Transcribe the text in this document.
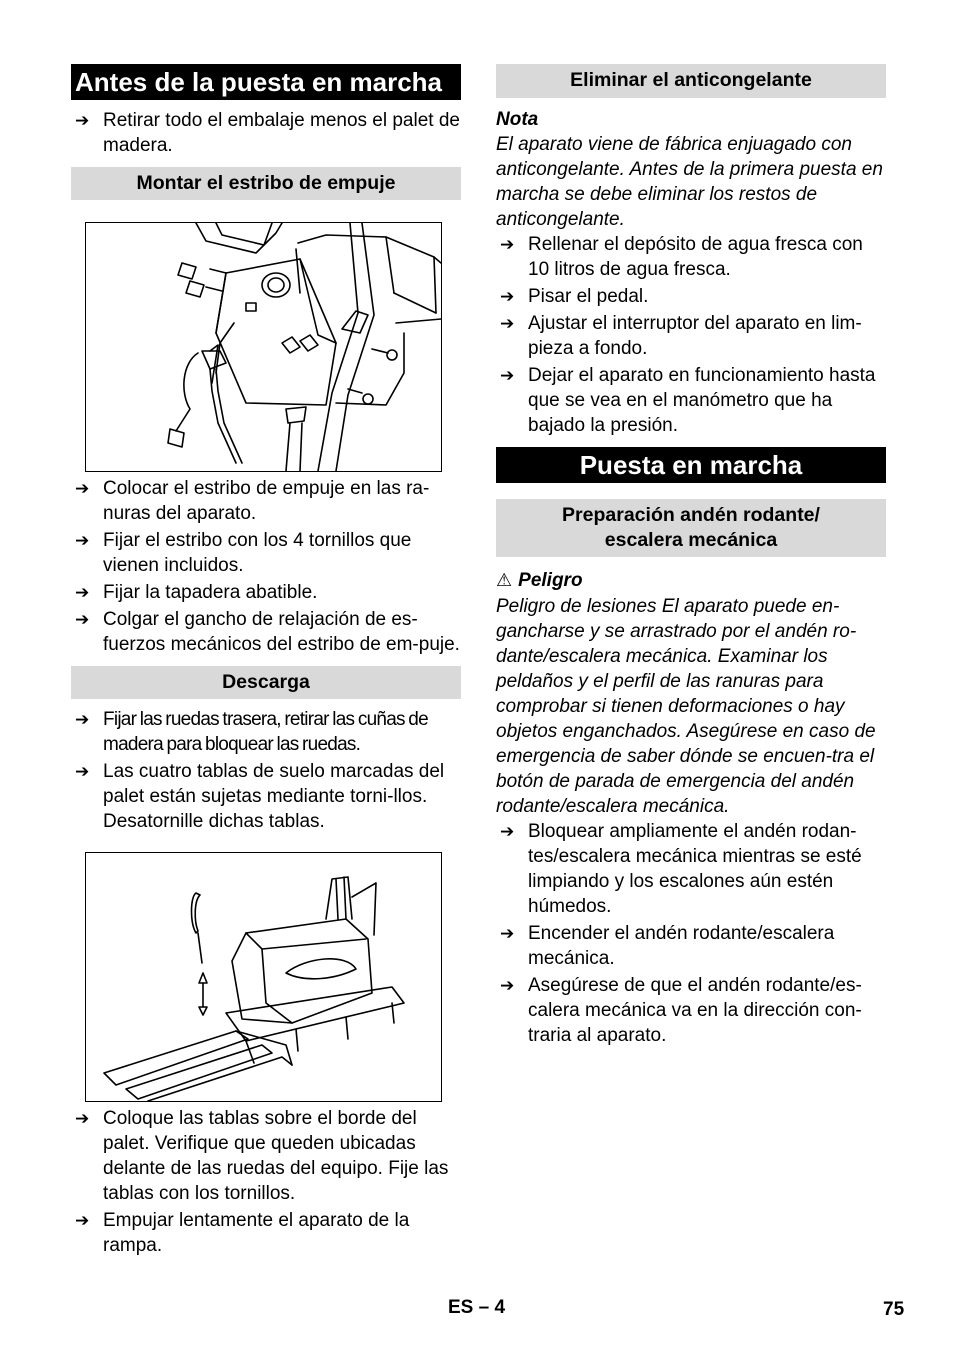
Antes de la puesta en marcha
➔ Retirar todo el embalaje menos el palet de madera.
Montar el estribo de empuje
➔ Colocar el estribo de empuje en las ra-nuras del aparato.
➔ Fijar el estribo con los 4 tornillos que vienen incluidos.
➔ Fijar la tapadera abatible.
➔ Colgar el gancho de relajación de es-fuerzos mecánicos del estribo de em-puje.
Descarga
➔ Fijar las ruedas trasera, retirar las cuñas de madera para bloquear las ruedas.
➔ Las cuatro tablas de suelo marcadas del palet están sujetas mediante torni-llos. Desatornille dichas tablas.
➔ Coloque las tablas sobre el borde del palet. Verifique que queden ubicadas delante de las ruedas del equipo. Fije las tablas con los tornillos.
➔ Empujar lentamente el aparato de la rampa.
Eliminar el anticongelante
Nota
El aparato viene de fábrica enjuagado con anticongelante. Antes de la primera puesta en marcha se debe eliminar los restos de anticongelante.
➔ Rellenar el depósito de agua fresca con 10 litros de agua fresca.
➔ Pisar el pedal.
➔ Ajustar el interruptor del aparato en lim-pieza a fondo.
➔ Dejar el aparato en funcionamiento hasta que se vea en el manómetro que ha bajado la presión.
Puesta en marcha
Preparación andén rodante/ escalera mecánica
⚠ Peligro
Peligro de lesiones El aparato puede en-gancharse y se arrastrado por el andén ro-dante/escalera mecánica. Examinar los peldaños y el perfil de las ranuras para comprobar si tienen deformaciones o hay objetos enganchados. Asegúrese en caso de emergencia de saber dónde se encuen-tra el botón de parada de emergencia del andén rodante/escalera mecánica.
➔ Bloquear ampliamente el andén rodan-tes/escalera mecánica mientras se esté limpiando y los escalones aún estén húmedos.
➔ Encender el andén rodante/escalera mecánica.
➔ Asegúrese de que el andén rodante/es-calera mecánica va en la dirección con-traria al aparato.
ES – 4	75
